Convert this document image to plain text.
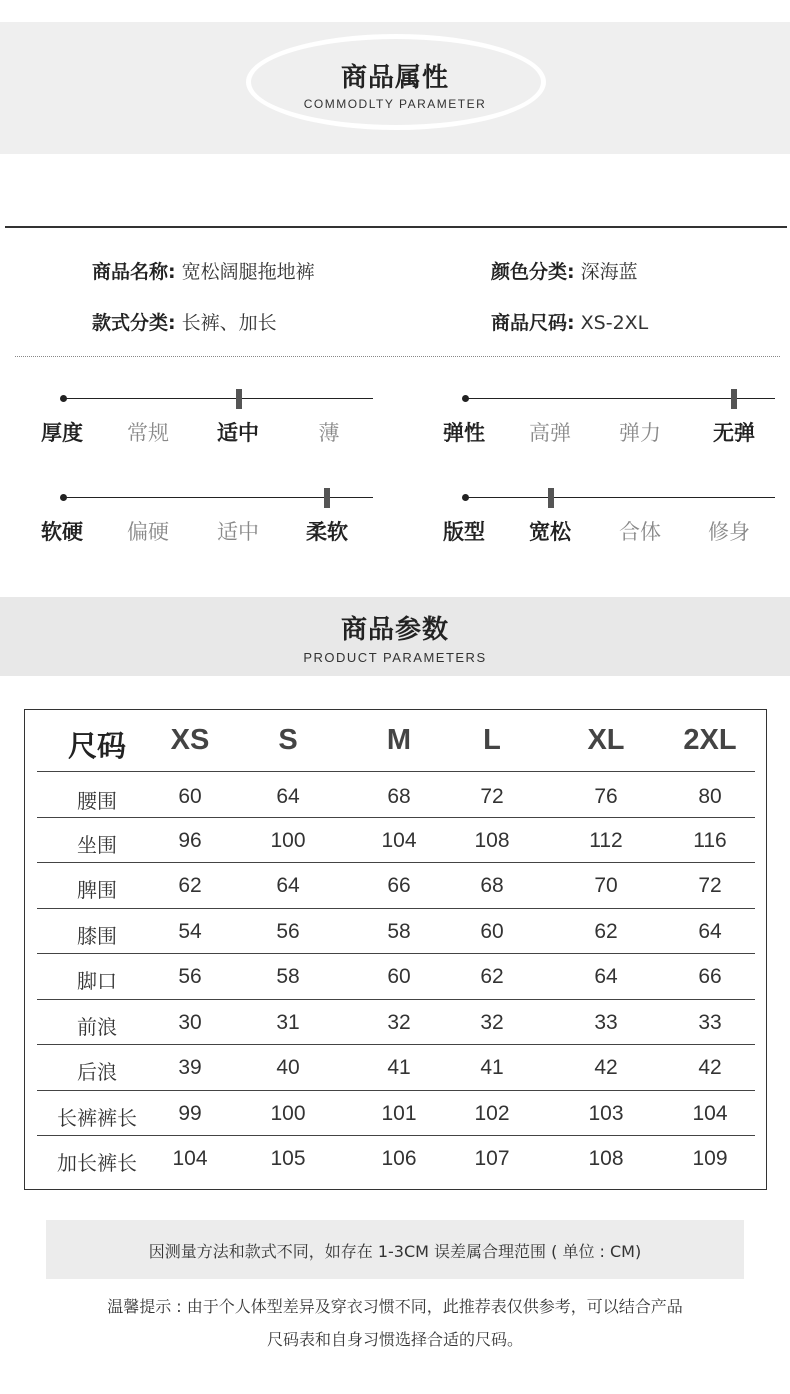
商品属性
COMMODLTY PARAMETER
商品名称: 宽松阔腿拖地裤	颜色分类: 深海蓝
款式分类: 长裤、加长	商品尺码: XS-2XL
厚度	常规	适中	薄	弹性	高弹	弹力	无弹
软硬	偏硬	适中	柔软	版型	宽松	合体	修身
商品参数
PRODUCT PARAMETERS
尺码	XS	S	M	L	XL	2XL
腰围	60	64	68	72	76	80
坐围	96	100	104	108	112	116
脾围	62	64	66	68	70	72
膝围	54	56	58	60	62	64
脚口	56	58	60	62	64	66
前浪	30	31	32	32	33	33
后浪	39	40	41	41	42	42
长裤裤长	99	100	101	102	103	104
加长裤长	104	105	106	107	108	109
因测量方法和款式不同，如存在 1-3CM 误差属合理范围 ( 单位 : CM)
温馨提示 : 由于个人体型差异及穿衣习惯不同，此推荐表仅供参考，可以结合产品
尺码表和自身习惯选择合适的尺码。
